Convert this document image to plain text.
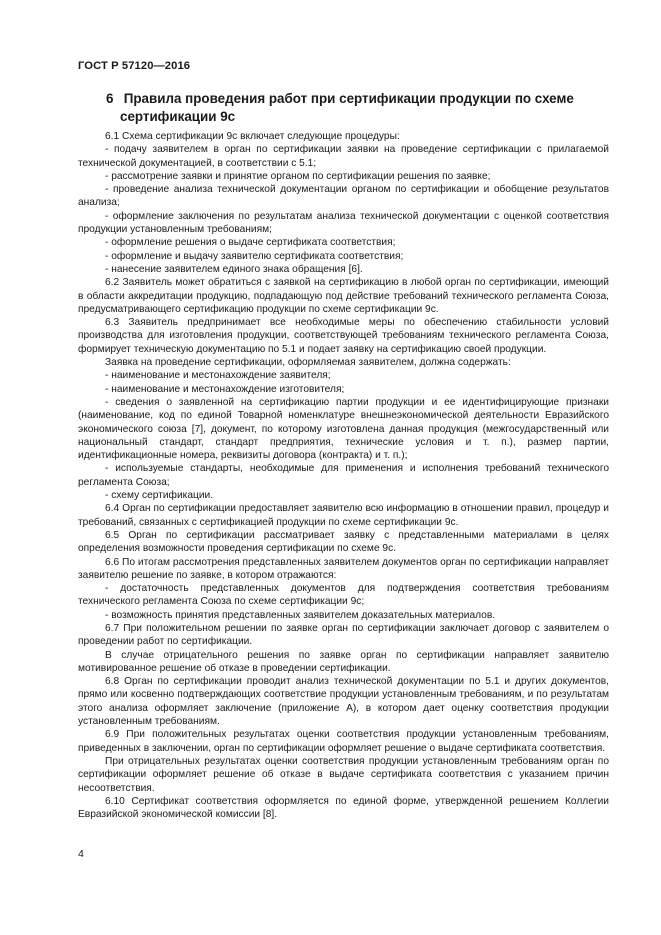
ГОСТ Р 57120—2016
6 Правила проведения работ при сертификации продукции по схеме
сертификации 9с

6.1 Схема сертификации 9с включает следующие процедуры:

- подачу заявителем в орган по сертификации заявки на проведение сертификации с прилагаемой технической документацией, в соответствии с 5.1;

- рассмотрение заявки и принятие органом по сертификации решения по заявке;

- проведение анализа технической документации органом по сертификации и обобщение результатов анализа;

- оформление заключения по результатам анализа технической документации с оценкой соответствия продукции установленным требованиям;

- оформление решения о выдаче сертификата соответствия;

- оформление и выдачу заявителю сертификата соответствия;

- нанесение заявителем единого знака обращения [6].

6.2 Заявитель может обратиться с заявкой на сертификацию в любой орган по сертификации, имеющий в области аккредитации продукцию, подпадающую под действие требований технического регламента Союза, предусматривающего сертификацию продукции по схеме сертификации 9с.

6.3 Заявитель предпринимает все необходимые меры по обеспечению стабильности условий производства для изготовления продукции, соответствующей требованиям технического регламента Союза, формирует техническую документацию по 5.1 и подает заявку на сертификацию своей продукции.

Заявка на проведение сертификации, оформляемая заявителем, должна содержать:

- наименование и местонахождение заявителя;

- наименование и местонахождение изготовителя;

- сведения о заявленной на сертификацию партии продукции и ее идентифицирующие признаки (наименование, код по единой Товарной номенклатуре внешнеэкономической деятельности Евразийского экономического союза [7], документ, по которому изготовлена данная продукция (межгосударственный или национальный стандарт, стандарт предприятия, технические условия и т. п.), размер партии, идентификационные номера, реквизиты договора (контракта) и т. п.);

- используемые стандарты, необходимые для применения и исполнения требований технического регламента Союза;

- схему сертификации.

6.4 Орган по сертификации предоставляет заявителю всю информацию в отношении правил, процедур и требований, связанных с сертификацией продукции по схеме сертификации 9с.

6.5 Орган по сертификации рассматривает заявку с представленными материалами в целях определения возможности проведения сертификации по схеме 9с.

6.6 По итогам рассмотрения представленных заявителем документов орган по сертификации направляет заявителю решение по заявке, в котором отражаются:

- достаточность представленных документов для подтверждения соответствия требованиям технического регламента Союза по схеме сертификации 9с;

- возможность принятия представленных заявителем доказательных материалов.

6.7 При положительном решении по заявке орган по сертификации заключает договор с заявителем о проведении работ по сертификации.

В случае отрицательного решения по заявке орган по сертификации направляет заявителю мотивированное решение об отказе в проведении сертификации.

6.8 Орган по сертификации проводит анализ технической документации по 5.1 и других документов, прямо или косвенно подтверждающих соответствие продукции установленным требованиям, и по результатам этого анализа оформляет заключение (приложение А), в котором дает оценку соответствия продукции установленным требованиям.

6.9 При положительных результатах оценки соответствия продукции установленным требованиям, приведенных в заключении, орган по сертификации оформляет решение о выдаче сертификата соответствия.

При отрицательных результатах оценки соответствия продукции установленным требованиям орган по сертификации оформляет решение об отказе в выдаче сертификата соответствия с указанием причин несоответствия.

6.10 Сертификат соответствия оформляется по единой форме, утвержденной решением Коллегии Евразийской экономической комиссии [8].

4
